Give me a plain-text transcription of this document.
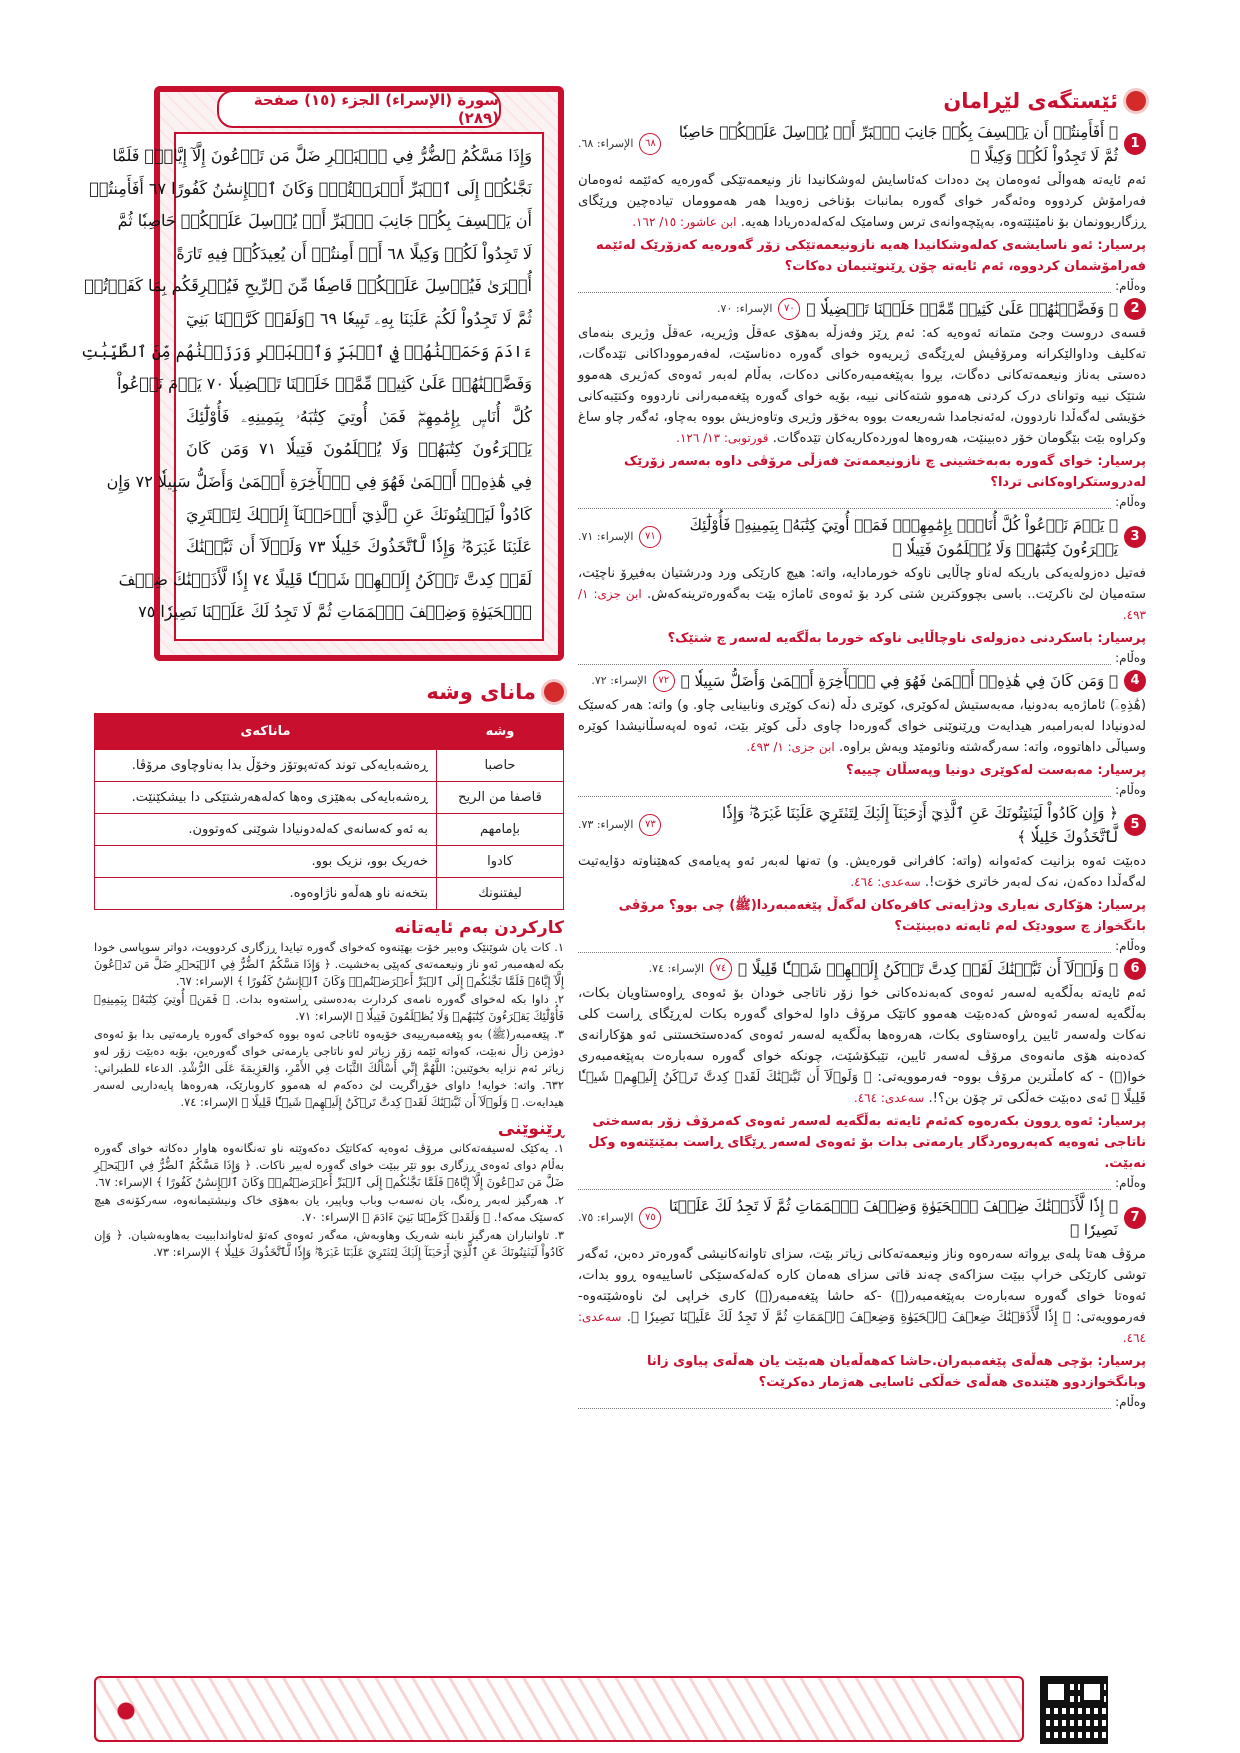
ئێستگەی لێڕامان
1
﴿ أَفَأَمِنتُمۡ أَن يَخۡسِفَ بِكُمۡ جَانِبَ ٱلۡبَرِّ أَوۡ يُرۡسِلَ عَلَيۡكُمۡ حَاصِبٗا ثُمَّ لَا تَجِدُواْ لَكُمۡ وَكِيلًا ﴾
٦٨
الإسراء: ٦٨.
ئەم ئایەتە هەواڵی ئەوەمان پێ دەدات کەئاسایش لەوشکانیدا ناز ونیعمەتێکی گەورەیە کەئێمە ئەوەمان فەرامۆش کردووە وەئەگەر خوای گەورە بمانبات بۆناخی زەویدا هەر هەمووماں تیادەچین وڕێگای ڕزگاربوونمان بۆ نامێنێتەوە، بەپێچەوانەی ترس وسامێک لەکەلەدەریادا هەیە. ابن عاشور: ١٥/ ١٦٢.
پرسیار: ئەو ناسایشەی کەلەوشکانیدا هەیە نازونیعمەتێکی زۆر گەورەیە کەزۆرێک لەئێمە فەرامۆشمان کردووە، ئەم ئایەتە چۆن ڕێنوێنیمان دەکات؟
وەڵام:
2
﴿ وَفَضَّلۡنَٰهُمۡ عَلَىٰ كَثِيرٖ مِّمَّنۡ خَلَقۡنَا تَفۡضِيلٗا ﴾
٧٠
الإسراء: ٧٠.
قسەی دروست وجێ متمانە ئەوەیە کە: ئەم ڕێز وفەزڵە بەهۆی عەقڵ وژیریە، عەقڵ وژیری بنەمای تەکلیف وداوالێکرانە ومرۆڤیش لەڕێگەی ژیریەوە خوای گەورە دەناسێت، لەفەرمووداکانی تێدەگات، دەستی بەناز ونیعمەتەکانی دەگات، بڕوا بەپێغەمبەرەکانی دەکات، بەڵام لەبەر ئەوەی کەژیری هەموو شتێک نییە وتوانای درک کردنی هەموو شتەکانی نییە، بۆیە خوای گەورە پێغەمبەرانی ناردووە وکتێبەکانی خۆیشی لەگەڵدا ناردوون، لەئەنجامدا شەریعەت بووە بەخۆر وژیری وتاوەزیش بووە بەچاو، ئەگەر چاو ساغ وکراوە بێت بێگومان خۆر دەبینێت، هەروەها لەوردەکاریەکان تێدەگات. قورتوبی: ١٣/ ١٢٦.
پرسیار: خوای گەورە بەبەخشینی چ نازونیعمەتێ فەزڵی مرۆڤی داوە بەسەر زۆرێک لەدروستکراوەکانی تردا؟
وەڵام:
3
﴿ يَوۡمَ نَدۡعُواْ كُلَّ أُنَاسِۭ بِإِمَٰمِهِمۡۖ فَمَنۡ أُوتِيَ كِتَٰبَهُۥ بِيَمِينِهِۦ فَأُوْلَٰٓئِكَ يَقۡرَءُونَ كِتَٰبَهُمۡ وَلَا يُظۡلَمُونَ فَتِيلٗا ﴾
٧١
الإسراء: ٧١.
فەتیل دەزولەیەکی باریکە لەناو چاڵایی ناوکە خورمادایە، واتە: هیچ کارێکی ورد ودرشتیان بەفیڕۆ ناچێت، ستەمیان لێ ناکرێت.. باسی بچووکترین شتی کرد بۆ ئەوەی ئاماژە بێت بەگەورەترینەکەش. ابن جزی: ١/ ٤٩٣.
پرسیار: باسکردنی دەزولەی ناوچاڵایی ناوکە خورما بەڵگەیە لەسەر چ شتێک؟
وەڵام:
4
﴿ وَمَن كَانَ فِي هَٰذِهِۦٓ أَعۡمَىٰ فَهُوَ فِي ٱلۡأٓخِرَةِ أَعۡمَىٰ وَأَضَلُّ سَبِيلٗا ﴾
٧٢
الإسراء: ٧٢.
(هَٰذِهِۦٓ) ئاماژەیە بەدونیا، مەبەستیش لەکوێری، کوێری دڵە (نەک کوێری ونابینایی چاو. و) واتە: هەر کەسێک لەدونیادا لەبەرامبەر هیدایەت وڕێنوێنی خوای گەورەدا چاوی دڵی کوێر بێت، ئەوە لەپەسڵانیشدا کوێرە وسیاڵی داهاتووە، واتە: سەرگەشتە ونائومێد ویەش براوە. ابن جزی: ١/ ٤٩٣.
پرسیار: مەبەست لەکوێری دونیا وپەسڵان چییە؟
وەڵام:
5
﴿ وَإِن كَادُواْ لَيَفۡتِنُونَكَ عَنِ ٱلَّذِيٓ أَوۡحَيۡنَآ إِلَيۡكَ لِتَفۡتَرِيَ عَلَيۡنَا غَيۡرَهُۥۖ وَإِذٗا لَّٱتَّخَذُوكَ خَلِيلٗا ﴾
٧٣
الإسراء: ٧٣.
دەبێت ئەوە بزانیت کەئەوانە (واتە: کافرانی قورەیش. و) تەنها لەبەر ئەو پەیامەی کەهێناوتە دۆایەتیت لەگەڵدا دەکەن، نەک لەبەر خاتری خۆت!. سەعدی: ٤٦٤.
پرسیار: هۆکاری نەیاری ودژایەتی کافرەکان لەگەڵ پێغەمبەردا(ﷺ) چی بوو؟ مرۆڤی بانگخواز چ سوودێک لەم ئایەتە دەبینێت؟
وەڵام:
6
﴿ وَلَوۡلَآ أَن ثَبَّتۡنَٰكَ لَقَدۡ كِدتَّ تَرۡكَنُ إِلَيۡهِمۡ شَيۡـٔٗا قَلِيلًا ﴾
٧٤
الإسراء: ٧٤.
ئەم ئایەتە بەڵگەیە لەسەر ئەوەی کەبەندەکانی خوا زۆر ناتاجی خودان بۆ ئەوەی ڕاوەستاویان بکات، بەڵگەیە لەسەر ئەوەش کەدەبێت هەموو کاتێک مرۆڤ داوا لەخوای گەورە بکات لەڕێگای ڕاست کلی نەکات ولەسەر ئایین ڕاوەستاوی بکات، هەروەها بەڵگەیە لەسەر ئەوەی کەدەستخستنی ئەو هۆکارانەی کەدەبنە هۆی مانەوەی مرۆڤ لەسەر ئایین، تێبکۆشێت، چونکە خوای گەورە سەبارەت بەپێغەمبەری خوا(ﷺ) - کە کامڵترین مرۆڤ بووە- فەرموویەتی: ﴿ وَلَوۡلَآ أَن ثَبَّتۡنَٰكَ لَقَدۡ كِدتَّ تَرۡكَنُ إِلَيۡهِمۡ شَيۡـٔٗا قَلِيلًا ﴾ ئەی دەبێت خەڵکی تر چۆن بن؟!. سەعدی: ٤٦٤.
پرسیار: ئەوە ڕوون بکەرەوە کەئەم ئایەتە بەڵگەیە لەسەر ئەوەی کەمرۆڤ زۆر بەسەختی ناتاجی ئەوەیە کەپەروەردگار یارمەتی بدات بۆ ئەوەی لەسەر ڕێگای ڕاست بمێنێتەوە وکل نەبێت.
وەڵام:
7
﴿ إِذٗا لَّأَذَقۡنَٰكَ ضِعۡفَ ٱلۡحَيَوٰةِ وَضِعۡفَ ٱلۡمَمَاتِ ثُمَّ لَا تَجِدُ لَكَ عَلَيۡنَا نَصِيرٗا ﴾
٧٥
الإسراء: ٧٥.
مرۆڤ هەتا پلەی بڕواتە سەرەوە وناز ونیعمەتەکانی زیاتر بێت، سزای تاوانەکانیشی گەورەتر دەبن، ئەگەر توشی کارێکی خراپ ببێت سزاکەی چەند قاتی سزای هەمان کارە کەلەکەسێکی ئاساییەوە ڕوو بدات، ئەوەتا خوای گەورە سەبارەت بەپێغەمبەر(ﷺ) -کە حاشا پێغەمبەر(ﷺ) کاری خراپی لێ ناوەشێتەوە- فەرموویەتی: ﴿ إِذٗا لَّأَذَقۡنَٰكَ ضِعۡفَ ٱلۡحَيَوٰةِ وَضِعۡفَ ٱلۡمَمَاتِ ثُمَّ لَا تَجِدُ لَكَ عَلَيۡنَا نَصِيرٗا ﴾. سەعدی: ٤٦٤.
پرسیار: بۆچی هەڵەی پێغەمبەران.حاشا کەهەڵەیان هەبێت یان هەڵەی پیاوی زانا وبانگخوازدوو هێندەی هەڵەی خەڵکی ئاسایی هەژمار دەکرێت؟
وەڵام:
سورة (الإسراء) الجزء (١٥) صفحة (٢٨٩)
وَإِذَا مَسَّكُمُ ٱلضُّرُّ فِي ٱلۡبَحۡرِ ضَلَّ مَن تَدۡعُونَ إِلَّآ إِيَّاهُۖ فَلَمَّا
نَجَّىٰكُمۡ إِلَى ٱلۡبَرِّ أَعۡرَضۡتُمۡۚ وَكَانَ ٱلۡإِنسَٰنُ كَفُورًا ٦٧ أَفَأَمِنتُمۡ
أَن يَخۡسِفَ بِكُمۡ جَانِبَ ٱلۡبَرِّ أَوۡ يُرۡسِلَ عَلَيۡكُمۡ حَاصِبٗا ثُمَّ
لَا تَجِدُواْ لَكُمۡ وَكِيلًا ٦٨ أَمۡ أَمِنتُمۡ أَن يُعِيدَكُمۡ فِيهِ تَارَةً
أُخۡرَىٰ فَيُرۡسِلَ عَلَيۡكُمۡ قَاصِفٗا مِّنَ ٱلرِّيحِ فَيُغۡرِقَكُم بِمَا كَفَرۡتُمۡ
ثُمَّ لَا تَجِدُواْ لَكُمۡ عَلَيۡنَا بِهِۦ تَبِيعٗا ٦٩ ۞وَلَقَدۡ كَرَّمۡنَا بَنِيٓ
ءَادَمَ وَحَمَلۡنَٰهُمۡ فِي ٱلۡبَرِّ وَٱلۡبَحۡرِ وَرَزَقۡنَٰهُم مِّنَ ٱلطَّيِّبَٰتِ
وَفَضَّلۡنَٰهُمۡ عَلَىٰ كَثِيرٖ مِّمَّنۡ خَلَقۡنَا تَفۡضِيلٗا ٧٠ يَوۡمَ نَدۡعُواْ
كُلَّ أُنَاسِۭ بِإِمَٰمِهِمۡۖ فَمَنۡ أُوتِيَ كِتَٰبَهُۥ بِيَمِينِهِۦ فَأُوْلَٰٓئِكَ
يَقۡرَءُونَ كِتَٰبَهُمۡ وَلَا يُظۡلَمُونَ فَتِيلٗا ٧١ وَمَن كَانَ
فِي هَٰذِهِۦٓ أَعۡمَىٰ فَهُوَ فِي ٱلۡأٓخِرَةِ أَعۡمَىٰ وَأَضَلُّ سَبِيلٗا ٧٢ وَإِن
كَادُواْ لَيَفۡتِنُونَكَ عَنِ ٱلَّذِيٓ أَوۡحَيۡنَآ إِلَيۡكَ لِتَفۡتَرِيَ
عَلَيۡنَا غَيۡرَهُۥۖ وَإِذٗا لَّٱتَّخَذُوكَ خَلِيلٗا ٧٣ وَلَوۡلَآ أَن ثَبَّتۡنَٰكَ
لَقَدۡ كِدتَّ تَرۡكَنُ إِلَيۡهِمۡ شَيۡـٔٗا قَلِيلًا ٧٤ إِذٗا لَّأَذَقۡنَٰكَ ضِعۡفَ
ٱلۡحَيَوٰةِ وَضِعۡفَ ٱلۡمَمَاتِ ثُمَّ لَا تَجِدُ لَكَ عَلَيۡنَا نَصِيرٗا ٧٥
مانای وشە
وشە	ماناکەی
حاصبا	ڕەشەبایەکی توند کەتەپوتۆز وخۆڵ بدا بەناوچاوی مرۆڤا.
قاصفا من الريح	ڕەشەبایەکی بەهێزی وەها کەلەهەرشتێکی دا بیشکێنێت.
بإمامهم	بە ئەو کەسانەی کەلەدونیادا شوێنی کەوتوون.
كادوا	خەریک بوو، نزیک بوو.
ليفتنونك	بتخەنە ناو هەڵەو ناژاوەوە.
کارکردن بەم ئایەتانە
١. کات یان شوێنێک وەبیر خۆت بهێنەوە کەخوای گەورە تیایدا ڕزگاری کردوویت، دواتر سوپاسی خودا بکە لەهەمبەر ئەو ناز ونیعمەتەی کەپێی بەخشیت. ﴿ وَإِذَا مَسَّكُمُ ٱلضُّرُّ فِي ٱلۡبَحۡرِ ضَلَّ مَن تَدۡعُونَ إِلَّآ إِيَّاهُۖ فَلَمَّا نَجَّىٰكُمۡ إِلَى ٱلۡبَرِّ أَعۡرَضۡتُمۡۚ وَكَانَ ٱلۡإِنسَٰنُ كَفُورًا ﴾ الإسراء: ٦٧.
٢. داوا بکە لەخوای گەورە نامەی کردارت بەدەستی ڕاستەوە بدات. ﴿ فَمَنۡ أُوتِيَ كِتَٰبَهُۥ بِيَمِينِهِۦ فَأُوْلَٰٓئِكَ يَقۡرَءُونَ كِتَٰبَهُمۡ وَلَا يُظۡلَمُونَ فَتِيلٗا ﴾ الإسراء: ٧١.
٣. پێغەمبەر(ﷺ) بەو پێغەمبەرییەی خۆیەوە ئاتاجی ئەوە بووە کەخوای گەورە یارمەتیی بدا بۆ ئەوەی دوژمن زاڵ نەبێت، کەواتە ئێمە زۆر زیاتر لەو ناتاجی یارمەتی خوای گەورەین، بۆیە دەبێت زۆر لەو زیاتر ئەم نزایە بخوێنین: اللَّهُمَّ إِنِّي أَسْأَلُكَ الثَّبَاتَ فِي الأَمْرِ، وَالعَزِيمَةَ عَلَى الرُّشْدِ. الدعاء للطبراني: ٦٣٢. واتە: خوایە! داوای خۆڕاگریت لێ دەکەم لە هەموو کاروبارێک، هەروەها پایەداریی لەسەر هیدایەت. ﴿ وَلَوۡلَآ أَن ثَبَّتۡنَٰكَ لَقَدۡ كِدتَّ تَرۡكَنُ إِلَيۡهِمۡ شَيۡـٔٗا قَلِيلًا ﴾ الإسراء: ٧٤.
ڕێنوێنی
١. یەکێک لەسیفەتەکانی مرۆڤ ئەوەیە کەکاتێک دەکەوێتە ناو تەنگانەوە هاوار دەکاتە خوای گەورە بەڵام دوای ئەوەی ڕزگاری بوو تێر ببێت خوای گەورە لەبیر ناکات. ﴿ وَإِذَا مَسَّكُمُ ٱلضُّرُّ فِي ٱلۡبَحۡرِ ضَلَّ مَن تَدۡعُونَ إِلَّآ إِيَّاهُۖ فَلَمَّا نَجَّىٰكُمۡ إِلَى ٱلۡبَرِّ أَعۡرَضۡتُمۡۚ وَكَانَ ٱلۡإِنسَٰنُ كَفُورًا ﴾ الإسراء: ٦٧.
٢. هەرگیز لەبەر ڕەنگ، یان نەسەب وباب وباپیر، یان بەهۆی خاک ونیشتیمانەوە، سەرکۆنەی هیچ کەسێک مەکە!. ﴿ وَلَقَدۡ كَرَّمۡنَا بَنِيٓ ءَادَمَ ﴾ الإسراء: ٧٠.
٣. تاوانباران هەرگیز نابنە شەریک وهاوبەش، مەگەر ئەوەی کەتۆ لەتاوانداببیت بەهاوبەشیان. ﴿ وَإِن كَادُواْ لَيَفۡتِنُونَكَ عَنِ ٱلَّذِيٓ أَوۡحَيۡنَآ إِلَيۡكَ لِتَفۡتَرِيَ عَلَيۡنَا غَيۡرَهُۥۖ وَإِذٗا لَّٱتَّخَذُوكَ خَلِيلٗا ﴾ الإسراء: ٧٣.
